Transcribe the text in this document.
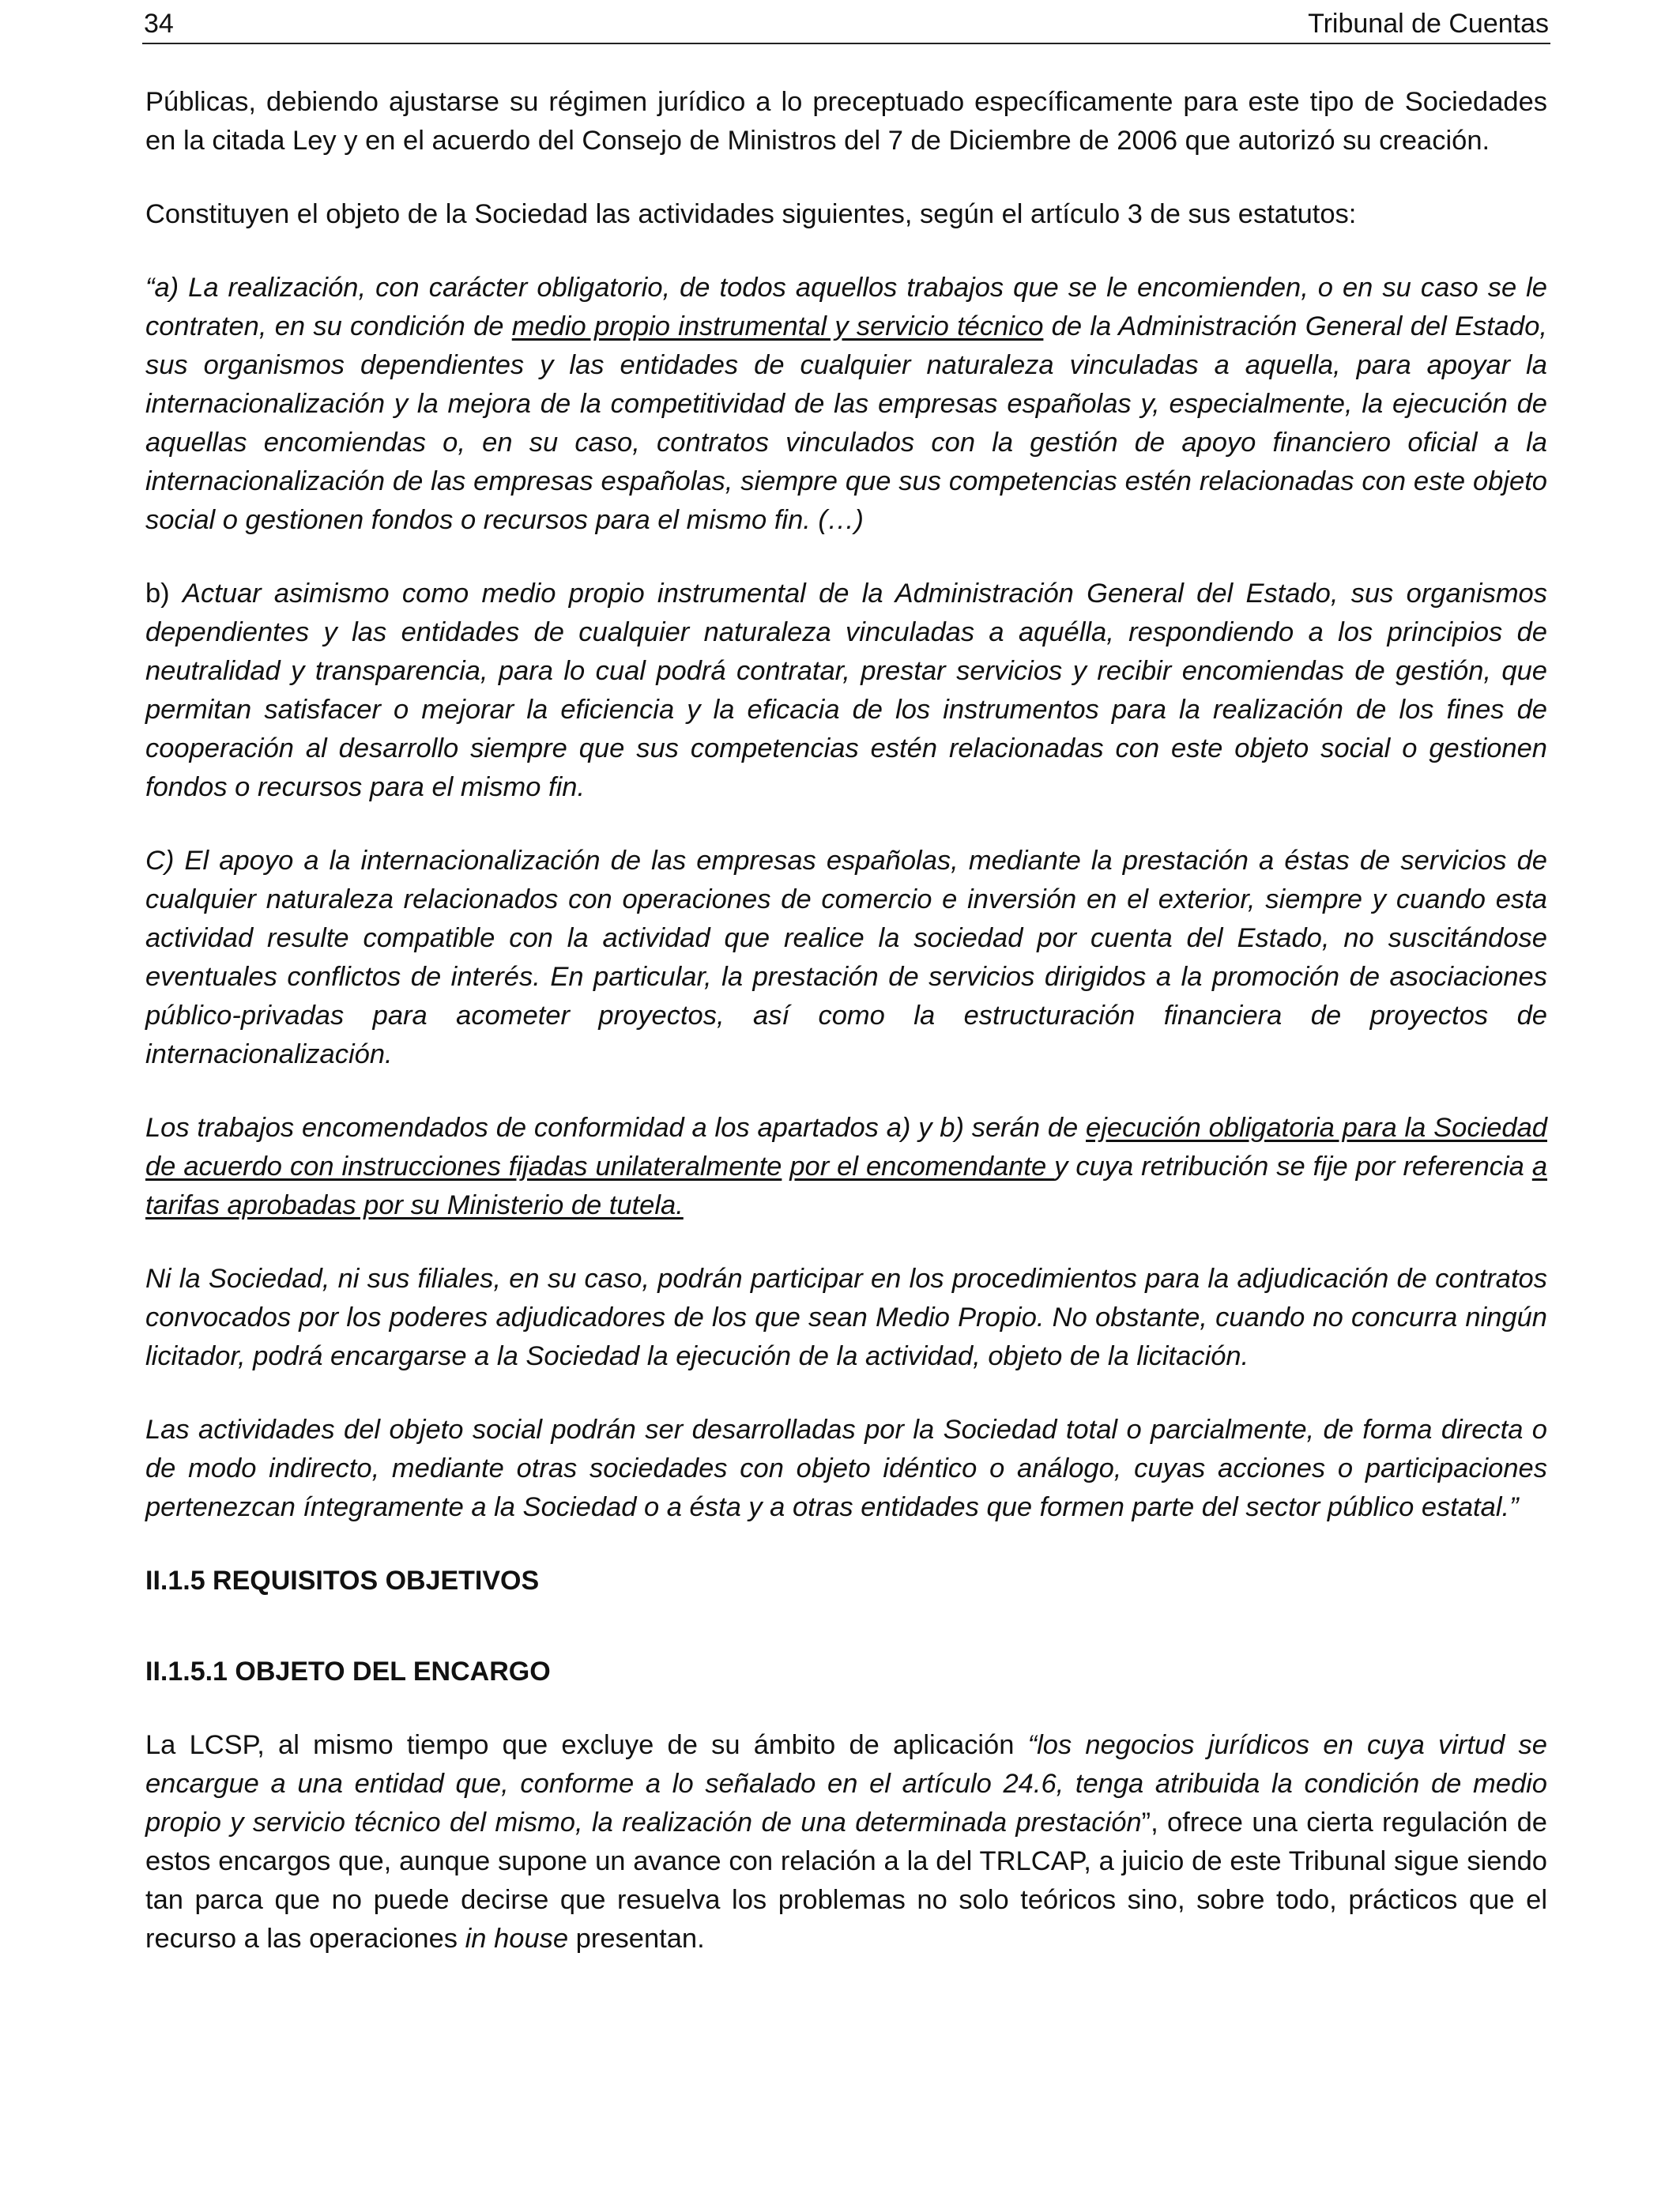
34	Tribunal de Cuentas

Públicas, debiendo ajustarse su régimen jurídico a lo preceptuado específicamente para este tipo de Sociedades en la citada Ley y en el acuerdo del Consejo de Ministros del 7 de Diciembre de 2006 que autorizó su creación.

Constituyen el objeto de la Sociedad las actividades siguientes, según el artículo 3 de sus estatutos:

“a) La realización, con carácter obligatorio, de todos aquellos trabajos que se le encomienden, o en su caso se le contraten, en su condición de medio propio instrumental y servicio técnico de la Administración General del Estado, sus organismos dependientes y las entidades de cualquier naturaleza vinculadas a aquella, para apoyar la internacionalización y la mejora de la competitividad de las empresas españolas y, especialmente, la ejecución de aquellas encomiendas o, en su caso, contratos vinculados con la gestión de apoyo financiero oficial a la internacionalización de las empresas españolas, siempre que sus competencias estén relacionadas con este objeto social o gestionen fondos o recursos para el mismo fin. (…)

b) Actuar asimismo como medio propio instrumental de la Administración General del Estado, sus organismos dependientes y las entidades de cualquier naturaleza vinculadas a aquélla, respondiendo a los principios de neutralidad y transparencia, para lo cual podrá contratar, prestar servicios y recibir encomiendas de gestión, que permitan satisfacer o mejorar la eficiencia y la eficacia de los instrumentos para la realización de los fines de cooperación al desarrollo siempre que sus competencias estén relacionadas con este objeto social o gestionen fondos o recursos para el mismo fin.

C) El apoyo a la internacionalización de las empresas españolas, mediante la prestación a éstas de servicios de cualquier naturaleza relacionados con operaciones de comercio e inversión en el exterior, siempre y cuando esta actividad resulte compatible con la actividad que realice la sociedad por cuenta del Estado, no suscitándose eventuales conflictos de interés. En particular, la prestación de servicios dirigidos a la promoción de asociaciones público-privadas para acometer proyectos, así como la estructuración financiera de proyectos de internacionalización.

Los trabajos encomendados de conformidad a los apartados a) y b) serán de ejecución obligatoria para la Sociedad de acuerdo con instrucciones fijadas unilateralmente por el encomendante y cuya retribución se fije por referencia a tarifas aprobadas por su Ministerio de tutela.

Ni la Sociedad, ni sus filiales, en su caso, podrán participar en los procedimientos para la adjudicación de contratos convocados por los poderes adjudicadores de los que sean Medio Propio. No obstante, cuando no concurra ningún licitador, podrá encargarse a la Sociedad la ejecución de la actividad, objeto de la licitación.

Las actividades del objeto social podrán ser desarrolladas por la Sociedad total o parcialmente, de forma directa o de modo indirecto, mediante otras sociedades con objeto idéntico o análogo, cuyas acciones o participaciones pertenezcan íntegramente a la Sociedad o a ésta y a otras entidades que formen parte del sector público estatal.”

II.1.5 REQUISITOS OBJETIVOS
II.1.5.1 OBJETO DEL ENCARGO

La LCSP, al mismo tiempo que excluye de su ámbito de aplicación “los negocios jurídicos en cuya virtud se encargue a una entidad que, conforme a lo señalado en el artículo 24.6, tenga atribuida la condición de medio propio y servicio técnico del mismo, la realización de una determinada prestación”, ofrece una cierta regulación de estos encargos que, aunque supone un avance con relación a la del TRLCAP, a juicio de este Tribunal sigue siendo tan parca que no puede decirse que resuelva los problemas no solo teóricos sino, sobre todo, prácticos que el recurso a las operaciones in house presentan.
